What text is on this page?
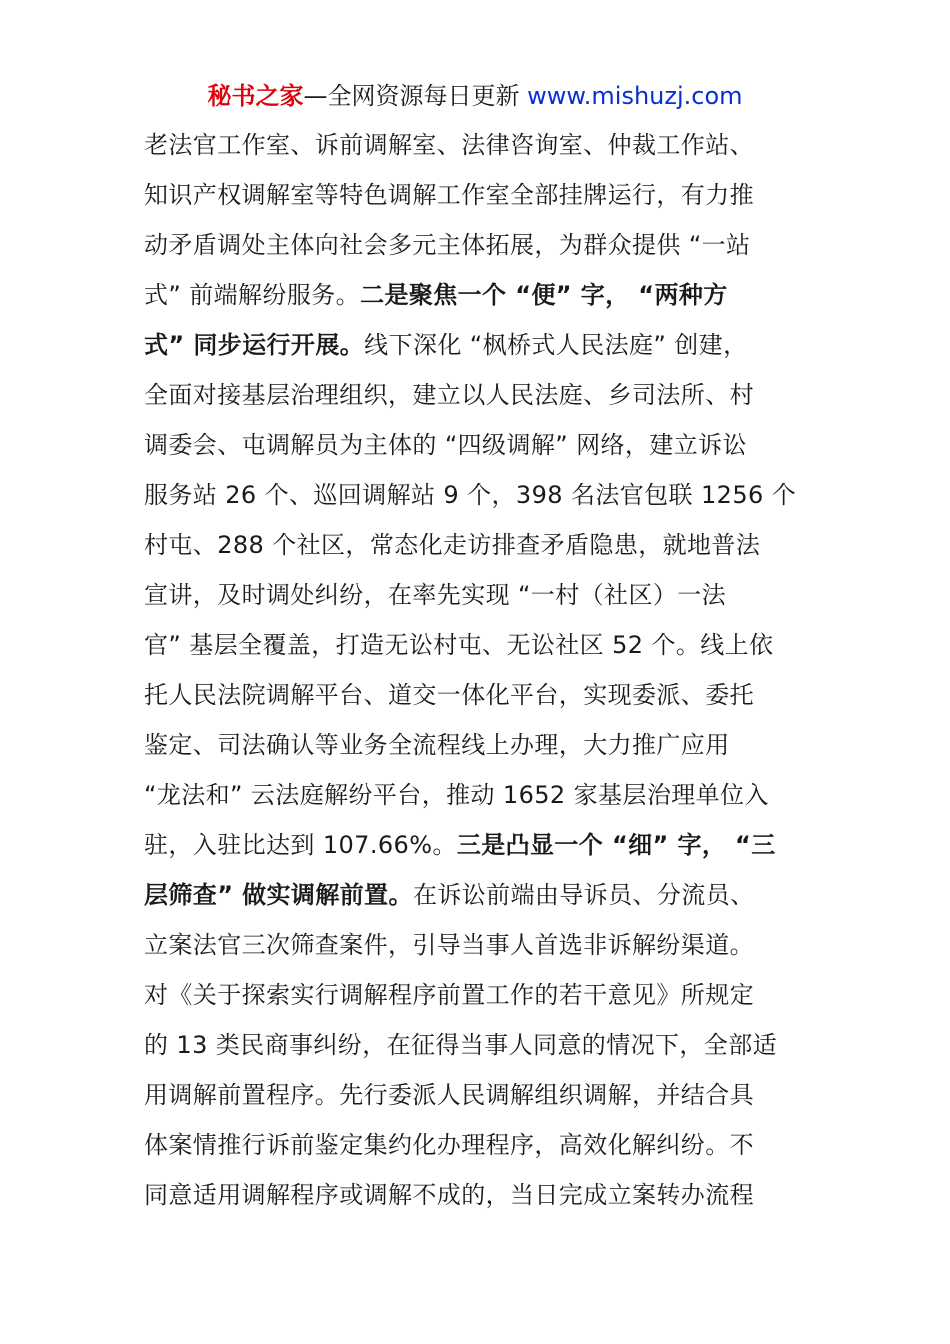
秘书之家—全网资源每日更新 www.mishuzj.com
老法官工作室、诉前调解室、法律咨询室、仲裁工作站、
知识产权调解室等特色调解工作室全部挂牌运行，有力推
动矛盾调处主体向社会多元主体拓展，为群众提供 “一站
式” 前端解纷服务。二是聚焦一个 “便” 字， “两种方
式” 同步运行开展。线下深化 “枫桥式人民法庭” 创建，
全面对接基层治理组织，建立以人民法庭、乡司法所、村
调委会、屯调解员为主体的 “四级调解” 网络，建立诉讼
服务站 26 个、巡回调解站 9 个，398 名法官包联 1256 个
村屯、288 个社区，常态化走访排查矛盾隐患，就地普法
宣讲，及时调处纠纷，在率先实现 “一村（社区）一法
官” 基层全覆盖，打造无讼村屯、无讼社区 52 个。线上依
托人民法院调解平台、道交一体化平台，实现委派、委托
鉴定、司法确认等业务全流程线上办理，大力推广应用
“龙法和” 云法庭解纷平台，推动 1652 家基层治理单位入
驻，入驻比达到 107.66%。三是凸显一个 “细” 字， “三
层筛查” 做实调解前置。在诉讼前端由导诉员、分流员、
立案法官三次筛查案件，引导当事人首选非诉解纷渠道。
对《关于探索实行调解程序前置工作的若干意见》所规定
的 13 类民商事纠纷，在征得当事人同意的情况下，全部适
用调解前置程序。先行委派人民调解组织调解，并结合具
体案情推行诉前鉴定集约化办理程序，高效化解纠纷。不
同意适用调解程序或调解不成的，当日完成立案转办流程
